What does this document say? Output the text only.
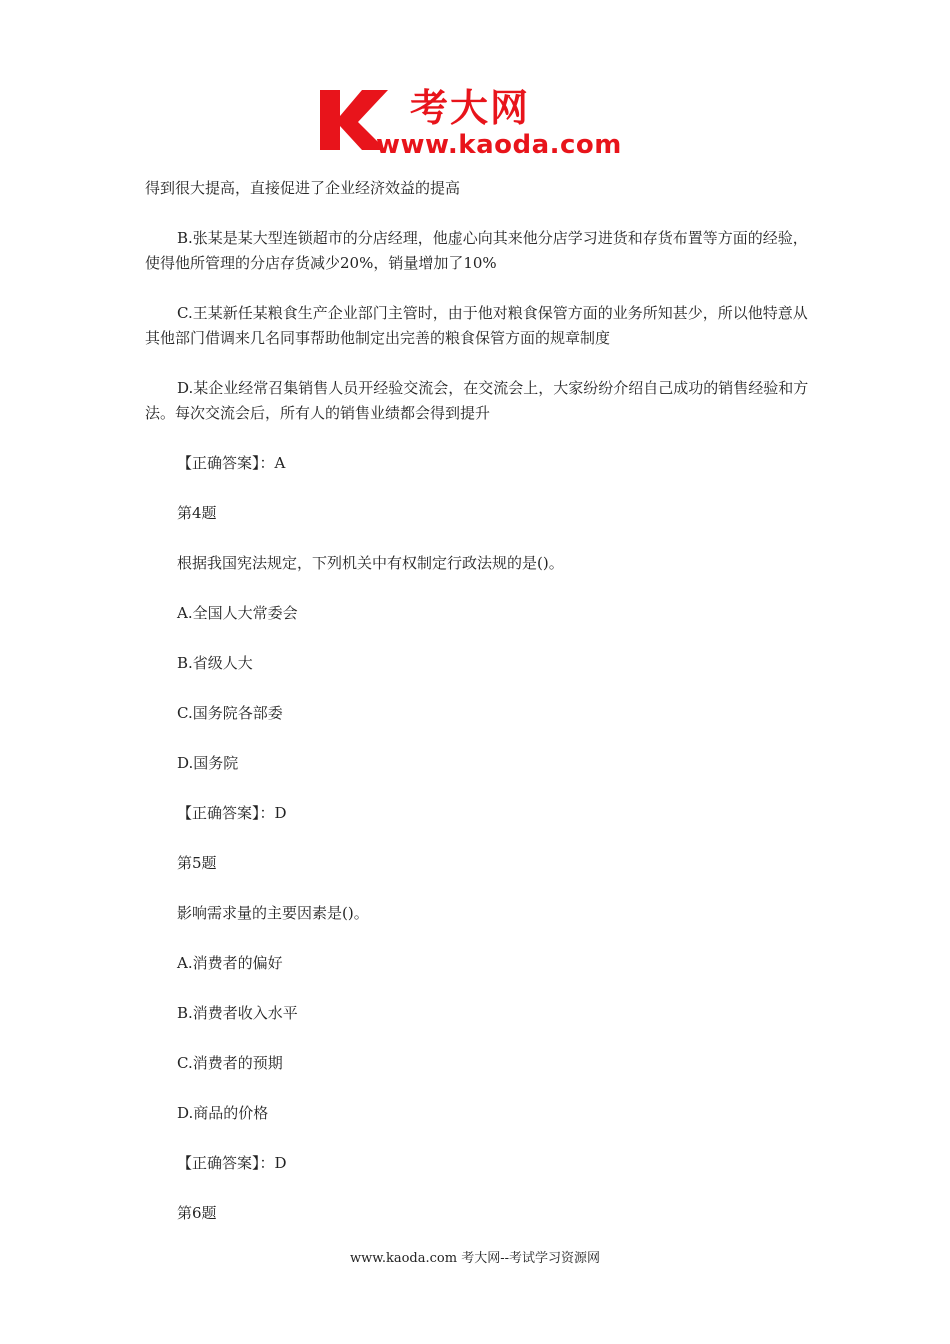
考大网
www.kaoda.com

得到很大提高，直接促进了企业经济效益的提高

B.张某是某大型连锁超市的分店经理，他虚心向其来他分店学习进货和存货布置等方面的经验，使得他所管理的分店存货减少20%，销量增加了10%

C.王某新任某粮食生产企业部门主管时，由于他对粮食保管方面的业务所知甚少，所以他特意从其他部门借调来几名同事帮助他制定出完善的粮食保管方面的规章制度

D.某企业经常召集销售人员开经验交流会，在交流会上，大家纷纷介绍自己成功的销售经验和方法。每次交流会后，所有人的销售业绩都会得到提升

【正确答案】：A
第4题
根据我国宪法规定，下列机关中有权制定行政法规的是()。
A.全国人大常委会
B.省级人大
C.国务院各部委
D.国务院
【正确答案】：D
第5题
影响需求量的主要因素是()。
A.消费者的偏好
B.消费者收入水平
C.消费者的预期
D.商品的价格
【正确答案】：D
第6题
www.kaoda.com 考大网--考试学习资源网
